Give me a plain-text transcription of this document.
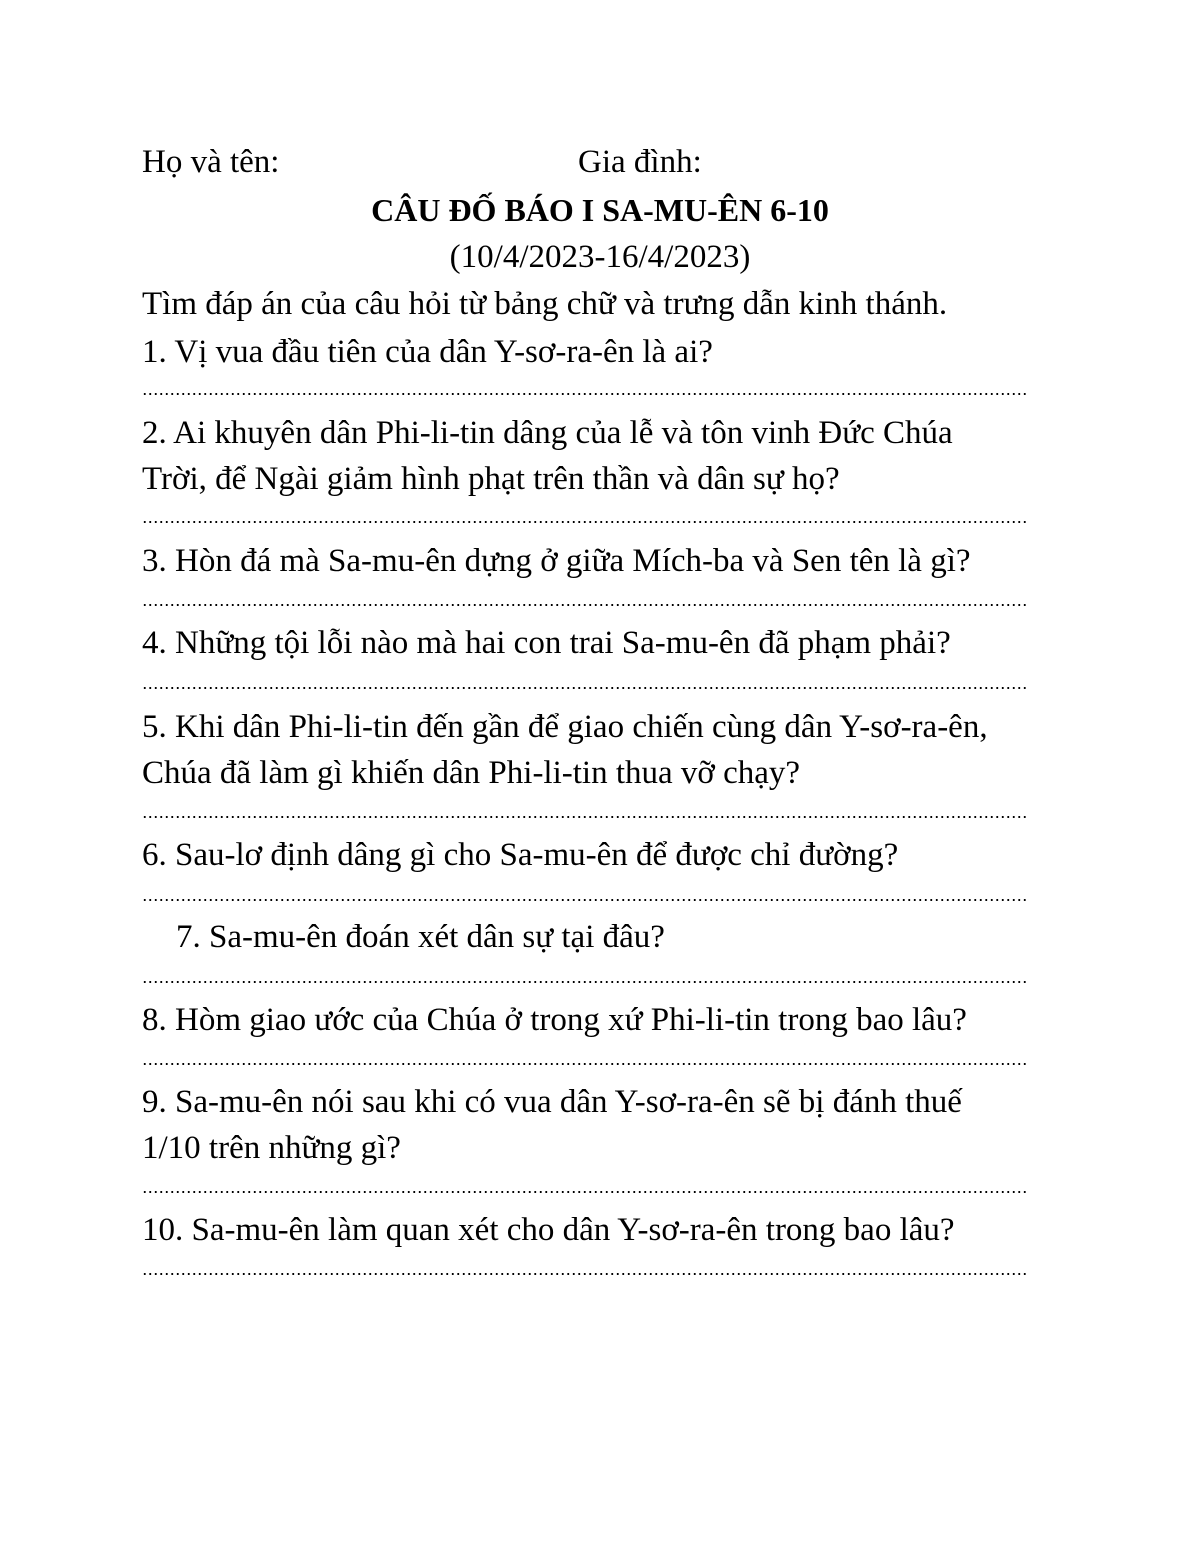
Họ và tên:	Gia đình:
CÂU ĐỐ BÁO I SA-MU-ÊN 6-10
(10/4/2023-16/4/2023)
Tìm đáp án của câu hỏi từ bảng chữ và trưng dẫn kinh thánh.
1. Vị vua đầu tiên của dân Y-sơ-ra-ên là ai?
2. Ai khuyên dân Phi-li-tin dâng của lễ và tôn vinh Đức Chúa
Trời, để Ngài giảm hình phạt trên thần và dân sự họ?
3. Hòn đá mà Sa-mu-ên dựng ở giữa Mích-ba và Sen tên là gì?
4. Những tội lỗi nào mà hai con trai Sa-mu-ên đã phạm phải?
5. Khi dân Phi-li-tin đến gần để giao chiến cùng dân Y-sơ-ra-ên,
Chúa đã làm gì khiến dân Phi-li-tin thua vỡ chạy?
6. Sau-lơ định dâng gì cho Sa-mu-ên để được chỉ đường?
7. Sa-mu-ên đoán xét dân sự tại đâu?
8. Hòm giao ước của Chúa ở trong xứ Phi-li-tin trong bao lâu?
9. Sa-mu-ên nói sau khi có vua dân Y-sơ-ra-ên sẽ bị đánh thuế
1/10 trên những gì?
10. Sa-mu-ên làm quan xét cho dân Y-sơ-ra-ên trong bao lâu?
